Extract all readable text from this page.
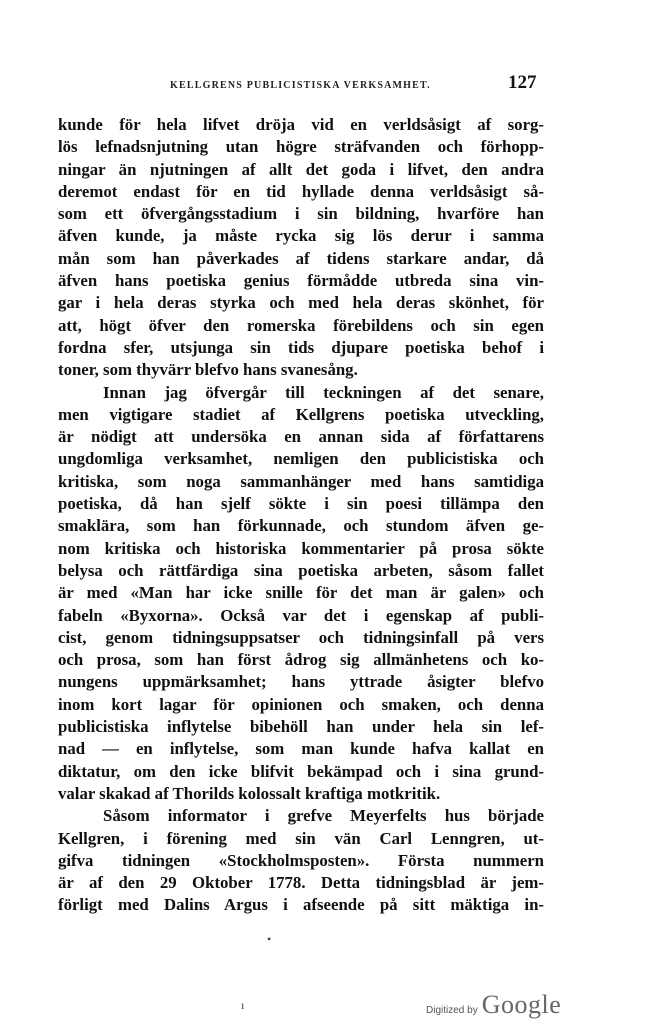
KELLGRENS PUBLICISTISKA VERKSAMHET.	127
kunde för hela lifvet dröja vid en verldsåsigt af sorg-
lös lefnadsnjutning utan högre sträfvanden och förhopp-
ningar än njutningen af allt det goda i lifvet, den andra
deremot endast för en tid hyllade denna verldsåsigt så-
som ett öfvergångsstadium i sin bildning, hvarföre han
äfven kunde, ja måste rycka sig lös derur i samma
mån som han påverkades af tidens starkare andar, då
äfven hans poetiska genius förmådde utbreda sina vin-
gar i hela deras styrka och med hela deras skönhet, för
att, högt öfver den romerska förebildens och sin egen
fordna sfer, utsjunga sin tids djupare poetiska behof i
toner, som thyvärr blefvo hans svanesång.
Innan jag öfvergår till teckningen af det senare,
men vigtigare stadiet af Kellgrens poetiska utveckling,
är nödigt att undersöka en annan sida af författarens
ungdomliga verksamhet, nemligen den publicistiska och
kritiska, som noga sammanhänger med hans samtidiga
poetiska, då han sjelf sökte i sin poesi tillämpa den
smaklära, som han förkunnade, och stundom äfven ge-
nom kritiska och historiska kommentarier på prosa sökte
belysa och rättfärdiga sina poetiska arbeten, såsom fallet
är med «Man har icke snille för det man är galen» och
fabeln «Byxorna». Också var det i egenskap af publi-
cist, genom tidningsuppsatser och tidningsinfall på vers
och prosa, som han först ådrog sig allmänhetens och ko-
nungens uppmärksamhet; hans yttrade åsigter blefvo
inom kort lagar för opinionen och smaken, och denna
publicistiska inflytelse bibehöll han under hela sin lef-
nad — en inflytelse, som man kunde hafva kallat en
diktatur, om den icke blifvit bekämpad och i sina grund-
valar skakad af Thorilds kolossalt kraftiga motkritik.
Såsom informator i grefve Meyerfelts hus började
Kellgren, i förening med sin vän Carl Lenngren, ut-
gifva tidningen «Stockholmsposten». Första nummern
är af den 29 Oktober 1778. Detta tidningsblad är jem-
förligt med Dalins Argus i afseende på sitt mäktiga in-
•
ı	Digitized by Google
